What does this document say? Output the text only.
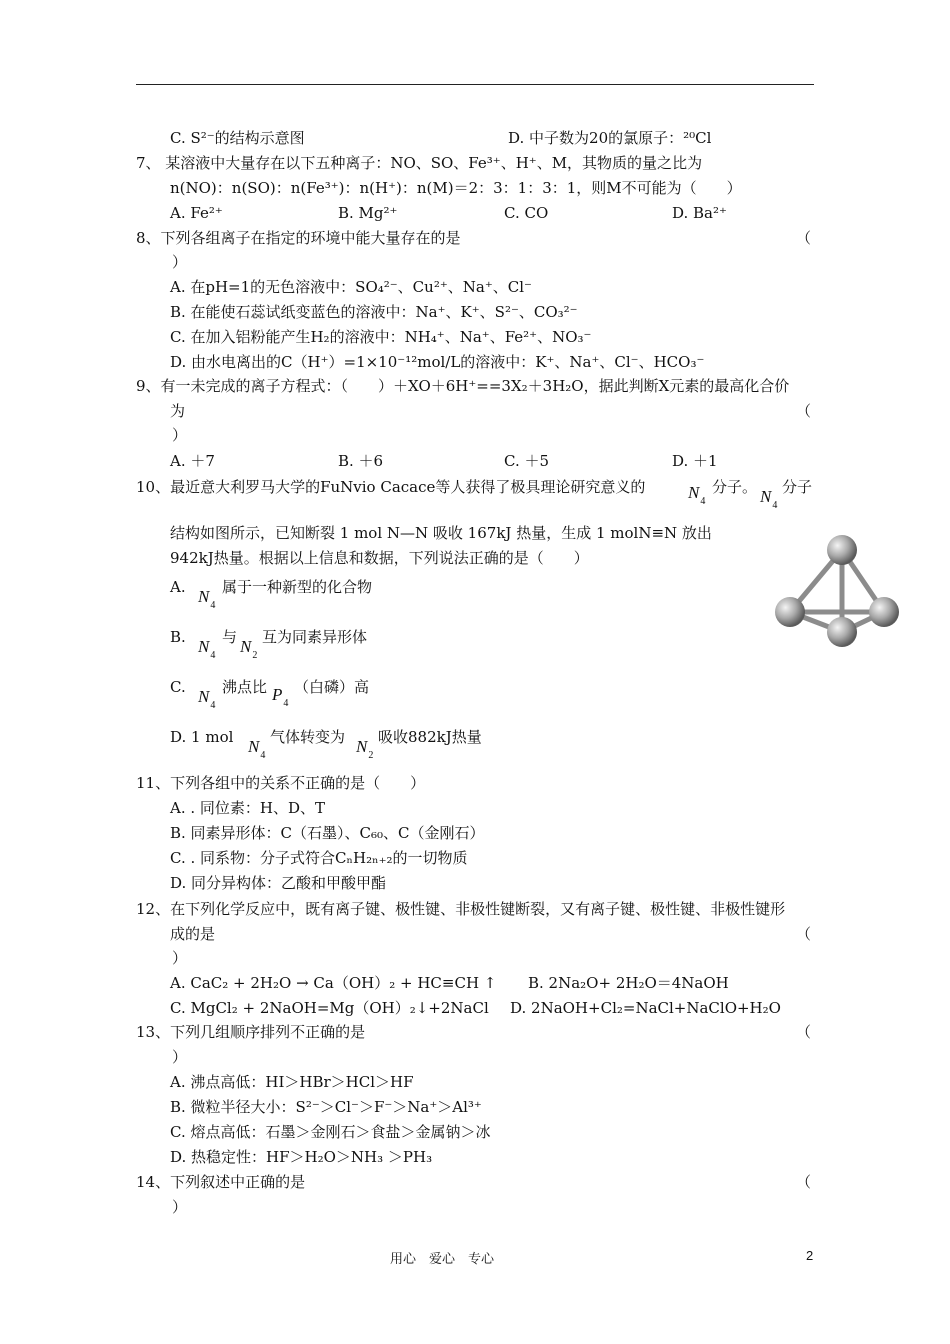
C. S²⁻的结构示意图	D. 中子数为20的氯原子：²⁰Cl
7、 某溶液中大量存在以下五种离子：NO、SO、Fe³⁺、H⁺、M，其物质的量之比为
n(NO)：n(SO)：n(Fe³⁺)：n(H⁺)：n(M)＝2：3：1：3：1，则M不可能为（　　）
A. Fe²⁺	B. Mg²⁺	C. CO	D. Ba²⁺
8、下列各组离子在指定的环境中能大量存在的是	（
）
A. 在pH=1的无色溶液中：SO₄²⁻、Cu²⁺、Na⁺、Cl⁻
B. 在能使石蕊试纸变蓝色的溶液中：Na⁺、K⁺、S²⁻、CO₃²⁻
C. 在加入铝粉能产生H₂的溶液中：NH₄⁺、Na⁺、Fe²⁺、NO₃⁻
D. 由水电离出的C（H⁺）=1×10⁻¹²mol/L的溶液中：K⁺、Na⁺、Cl⁻、HCO₃⁻
9、有一未完成的离子方程式：（　　）＋XO＋6H⁺==3X₂＋3H₂O，据此判断X元素的最高化合价
为	（
）
A. ＋7	B. ＋6	C. ＋5	D. ＋1
10、最近意大利罗马大学的FuNvio Cacace等人获得了极具理论研究意义的	$N_4$
分子。 $N_4$
分子
结构如图所示，已知断裂 1 mol N—N 吸收 167kJ 热量，生成 1 molN≡N 放出
942kJ热量。根据以上信息和数据，下列说法正确的是（　　）
A. $N_4$
属于一种新型的化合物
B. $N_4$
与 $N_2$
互为同素异形体
C. $N_4$
沸点比 $P_4$
（白磷）高
D. 1 mol $N_4$
气体转变为 $N_2$
吸收882kJ热量
11、下列各组中的关系不正确的是（　　）
A. . 同位素：H、D、T
B. 同素异形体：C（石墨）、C₆₀、C（金刚石）
C. . 同系物：分子式符合CₙH₂ₙ₊₂的一切物质
D. 同分异构体：乙酸和甲酸甲酯
12、在下列化学反应中，既有离子键、极性键、非极性键断裂，又有离子键、极性键、非极性键形
成的是	（
）
A. CaC₂ + 2H₂O → Ca（OH）₂ + HC≡CH ↑ B. 2Na₂O+ 2H₂O＝4NaOH
C. MgCl₂ + 2NaOH=Mg（OH）₂↓+2NaCl D. 2NaOH+Cl₂=NaCl+NaClO+H₂O
13、下列几组顺序排列不正确的是	（
）
A. 沸点高低：HI＞HBr＞HCl＞HF
B. 微粒半径大小：S²⁻＞Cl⁻＞F⁻＞Na⁺＞Al³⁺
C. 熔点高低：石墨＞金刚石＞食盐＞金属钠＞冰
D. 热稳定性：HF＞H₂O＞NH₃ ＞PH₃
14、下列叙述中正确的是	（
）
用心　爱心　专心	2
